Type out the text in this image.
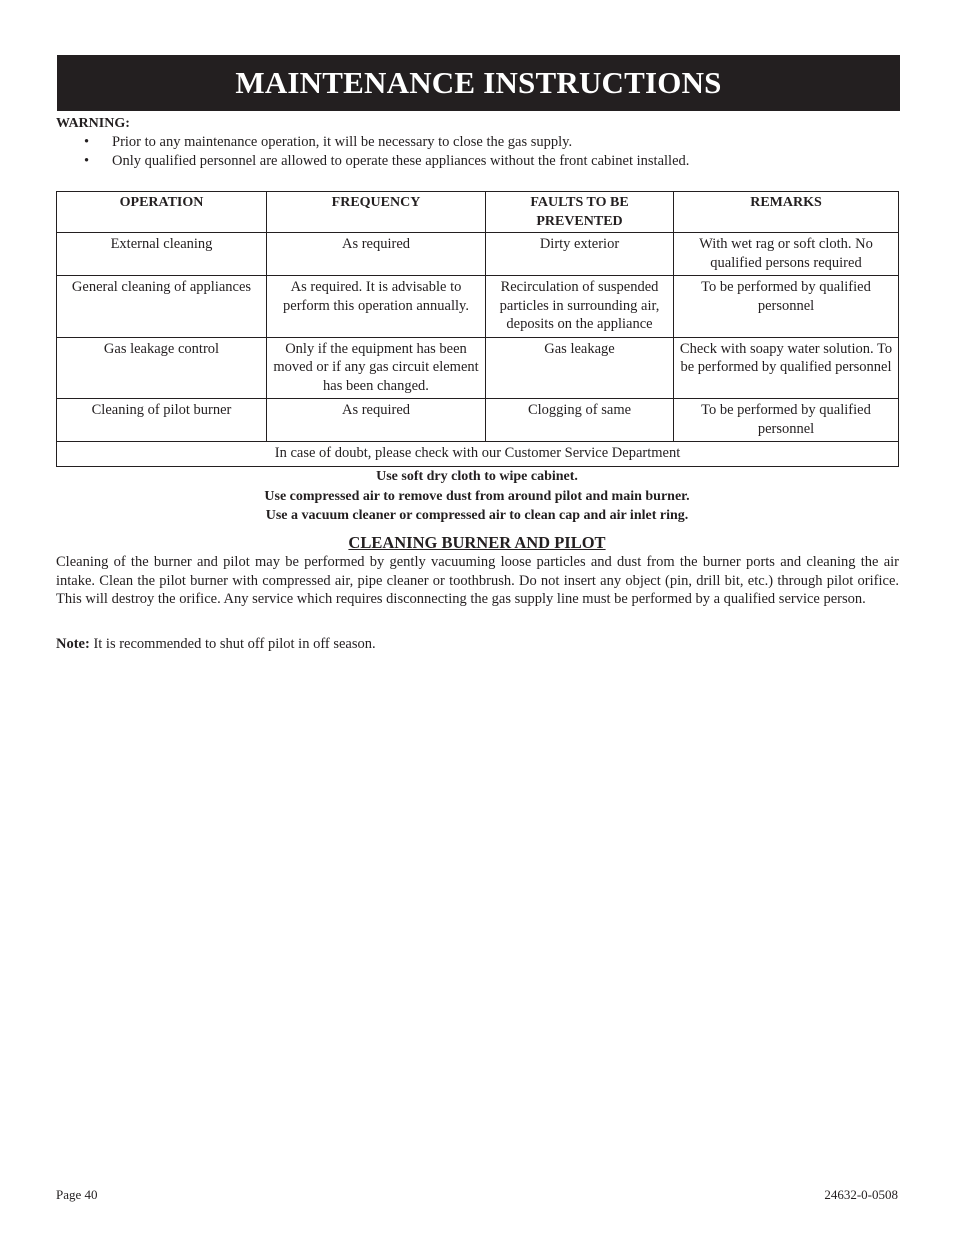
MAINTENANCE INSTRUCTIONS
WARNING:
• Prior to any maintenance operation, it will be necessary to close the gas supply.
• Only qualified personnel are allowed to operate these appliances without the front cabinet installed.
OPERATION	FREQUENCY	FAULTS TO BE PREVENTED	REMARKS
External cleaning	As required	Dirty exterior	With wet rag or soft cloth. No qualified persons required
General cleaning of appliances	As required. It is advisable to perform this operation annually.	Recirculation of suspended particles in surrounding air, deposits on the appliance	To be performed by qualified personnel
Gas leakage control	Only if the equipment has been moved or if any gas circuit element has been changed.	Gas leakage	Check with soapy water solution. To be performed by qualified personnel
Cleaning of pilot burner	As required	Clogging of same	To be performed by qualified personnel
In case of doubt, please check with our Customer Service Department			
Use soft dry cloth to wipe cabinet.
Use compressed air to remove dust from around pilot and main burner.
Use a vacuum cleaner or compressed air to clean cap and air inlet ring.
CLEANING BURNER AND PILOT

Cleaning of the burner and pilot may be performed by gently vacuuming loose particles and dust from the burner ports and cleaning the air intake. Clean the pilot burner with compressed air, pipe cleaner or toothbrush. Do not insert any object (pin, drill bit, etc.) through pilot orifice. This will destroy the orifice. Any service which requires disconnecting the gas supply line must be performed by a qualified service person.

Note: It is recommended to shut off pilot in off season.

Page 40	24632-0-0508
